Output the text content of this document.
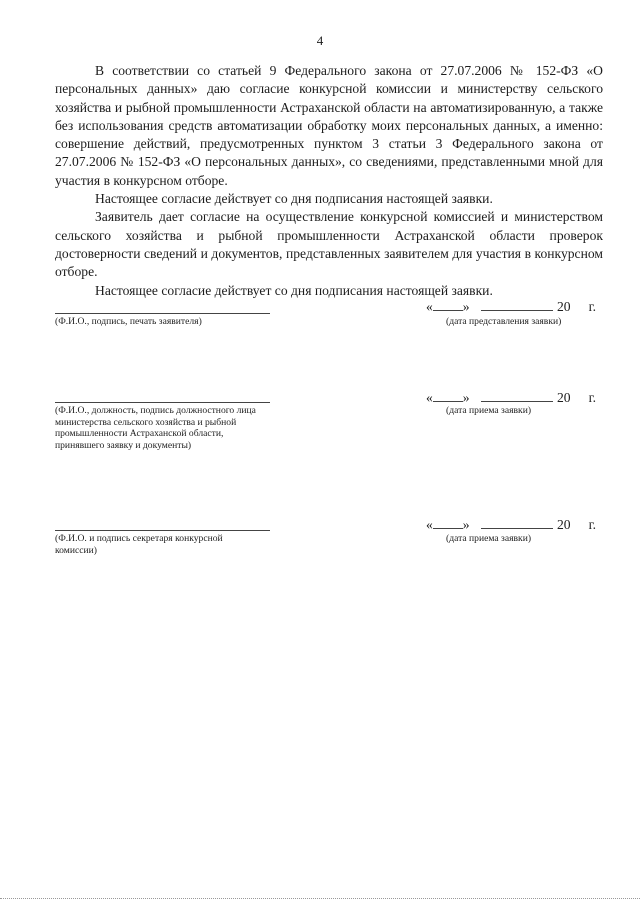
4

В соответствии со статьей 9 Федерального закона от 27.07.2006 № 152-ФЗ «О персональных данных» даю согласие конкурсной комиссии и министерству сельского хозяйства и рыбной промышленности Астраханской области на автоматизированную, а также без использования средств автоматизации обработку моих персональных данных, а именно: совершение действий, предусмотренных пунктом 3 статьи 3 Федерального закона от 27.07.2006 № 152-ФЗ «О персональных данных», со сведениями, представленными мной для участия в конкурсном отборе.

Настоящее согласие действует со дня подписания настоящей заявки.

Заявитель дает согласие на осуществление конкурсной комиссией и министерством сельского хозяйства и рыбной промышленности Астраханской области проверок достоверности сведений и документов, представленных заявителем для участия в конкурсном отборе.

Настоящее согласие действует со дня подписания настоящей заявки.

(Ф.И.О., подпись, печать заявителя)
« »	20 г.
(дата представления заявки)
(Ф.И.О., должность, подпись должностного лица министерства сельского хозяйства и рыбной промышленности Астраханской области, принявшего заявку и документы)
« »	20 г.
(дата приема заявки)
(Ф.И.О. и подпись секретаря конкурсной комиссии)
« »	20 г.
(дата приема заявки)
